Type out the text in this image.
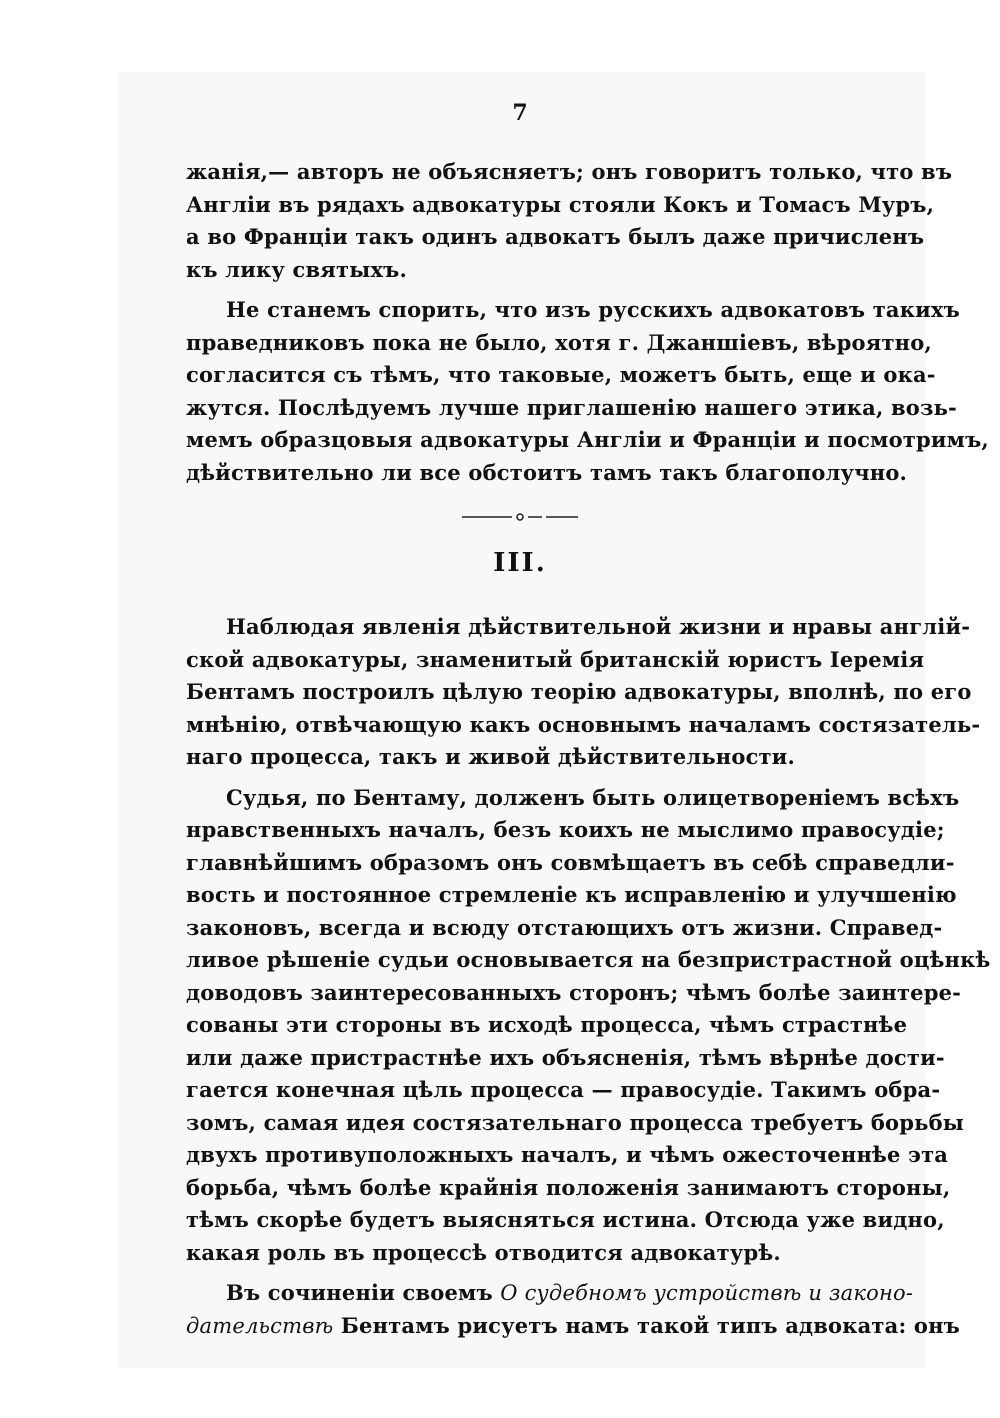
7
жанія,— авторъ не объясняетъ; онъ говоритъ только, что въ
Англіи въ рядахъ адвокатуры стояли Кокъ и Томасъ Муръ,
а во Франціи такъ одинъ адвокатъ былъ даже причисленъ
къ лику святыхъ.
Не станемъ спорить, что изъ русскихъ адвокатовъ такихъ
праведниковъ пока не было, хотя г. Джаншіевъ, вѣроятно,
согласится съ тѣмъ, что таковые, можетъ быть, еще и ока-
жутся. Послѣдуемъ лучше приглашенію нашего этика, возь-
мемъ образцовыя адвокатуры Англіи и Франціи и посмотримъ,
дѣйствительно ли все обстоитъ тамъ такъ благополучно.
III.
Наблюдая явленія дѣйствительной жизни и нравы англій-
ской адвокатуры, знаменитый британскій юристъ Іеремія
Бентамъ построилъ цѣлую теорію адвокатуры, вполнѣ, по его
мнѣнію, отвѣчающую какъ основнымъ началамъ состязатель-
наго процесса, такъ и живой дѣйствительности.
Судья, по Бентаму, долженъ быть олицетвореніемъ всѣхъ
нравственныхъ началъ, безъ коихъ не мыслимо правосудіе;
главнѣйшимъ образомъ онъ совмѣщаетъ въ себѣ справедли-
вость и постоянное стремленіе къ исправленію и улучшенію
законовъ, всегда и всюду отстающихъ отъ жизни. Справед-
ливое рѣшеніе судьи основывается на безпристрастной оцѣнкѣ
доводовъ заинтересованныхъ сторонъ; чѣмъ болѣе заинтере-
сованы эти стороны въ исходѣ процесса, чѣмъ страстнѣе
или даже пристрастнѣе ихъ объясненія, тѣмъ вѣрнѣе дости-
гается конечная цѣль процесса — правосудіе. Такимъ обра-
зомъ, самая идея состязательнаго процесса требуетъ борьбы
двухъ противуположныхъ началъ, и чѣмъ ожесточеннѣе эта
борьба, чѣмъ болѣе крайнія положенія занимаютъ стороны,
тѣмъ скорѣе будетъ выясняться истина. Отсюда уже видно,
какая роль въ процессѣ отводится адвокатурѣ.
Въ сочиненіи своемъ О судебномъ устройствѣ и законо-
дательствѣ Бентамъ рисуетъ намъ такой типъ адвоката: онъ
